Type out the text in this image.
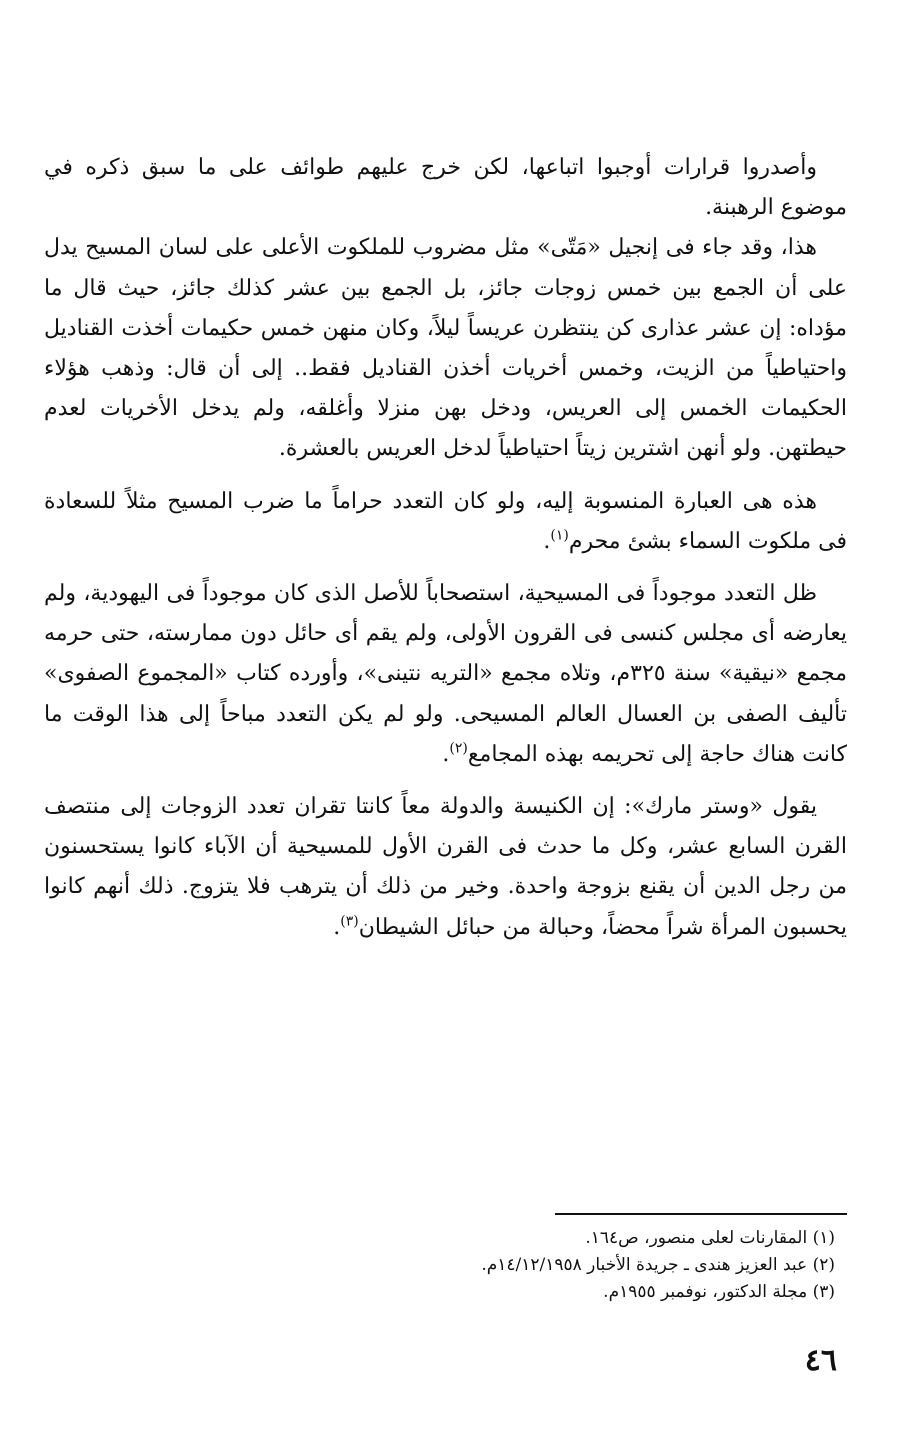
وأصدروا قرارات أوجبوا اتباعها، لكن خرج عليهم طوائف على ما سبق ذكره في موضوع الرهبنة.

هذا، وقد جاء فى إنجيل «مَتّى» مثل مضروب للملكوت الأعلى على لسان المسيح يدل على أن الجمع بين خمس زوجات جائز، بل الجمع بين عشر كذلك جائز، حيث قال ما مؤداه: إن عشر عذارى كن ينتظرن عريساً ليلاً، وكان منهن خمس حكيمات أخذت القناديل واحتياطياً من الزيت، وخمس أخريات أخذن القناديل فقط.. إلى أن قال: وذهب هؤلاء الحكيمات الخمس إلى العريس، ودخل بهن منزلا وأغلقه، ولم يدخل الأخريات لعدم حيطتهن. ولو أنهن اشترين زيتاً احتياطياً لدخل العريس بالعشرة.

هذه هى العبارة المنسوبة إليه، ولو كان التعدد حراماً ما ضرب المسيح مثلاً للسعادة فى ملكوت السماء بشئ محرم$^{(١)}$.

ظل التعدد موجوداً فى المسيحية، استصحاباً للأصل الذى كان موجوداً فى اليهودية، ولم يعارضه أى مجلس كنسى فى القرون الأولى، ولم يقم أى حائل دون ممارسته، حتى حرمه مجمع «نيقية» سنة ٣٢٥م، وتلاه مجمع «التريه نتينى»، وأورده كتاب «المجموع الصفوى» تأليف الصفى بن العسال العالم المسيحى. ولو لم يكن التعدد مباحاً إلى هذا الوقت ما كانت هناك حاجة إلى تحريمه بهذه المجامع$^{(٢)}$.

يقول «وستر مارك»: إن الكنيسة والدولة معاً كانتا تقران تعدد الزوجات إلى منتصف القرن السابع عشر، وكل ما حدث فى القرن الأول للمسيحية أن الآباء كانوا يستحسنون من رجل الدين أن يقنع بزوجة واحدة. وخير من ذلك أن يترهب فلا يتزوج. ذلك أنهم كانوا يحسبون المرأة شراً محضاً، وحبالة من حبائل الشيطان$^{(٣)}$.

(١) المقارنات لعلى منصور، ص١٦٤.
(٢) عبد العزيز هندى ـ جريدة الأخبار ١٤/١٢/١٩٥٨م.
(٣) مجلة الدكتور، نوفمبر ١٩٥٥م.
٤٦
